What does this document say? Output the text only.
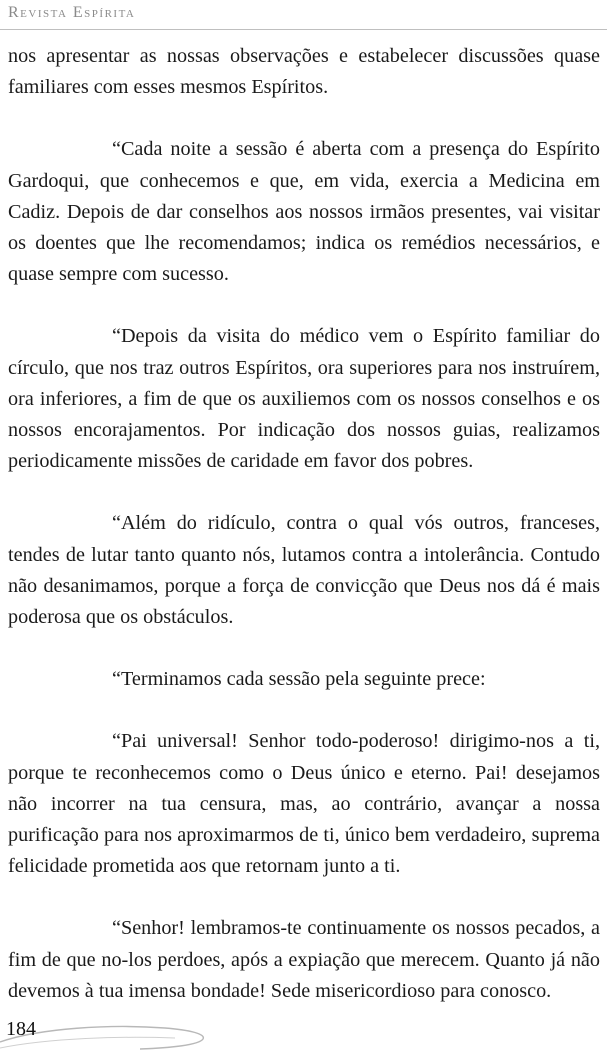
Revista Espírita

nos apresentar as nossas observações e estabelecer discussões quase familiares com esses mesmos Espíritos.

“Cada noite a sessão é aberta com a presença do Espírito Gardoqui, que conhecemos e que, em vida, exercia a Medicina em Cadiz. Depois de dar conselhos aos nossos irmãos presentes, vai visitar os doentes que lhe recomendamos; indica os remédios necessários, e quase sempre com sucesso.

“Depois da visita do médico vem o Espírito familiar do círculo, que nos traz outros Espíritos, ora superiores para nos instruírem, ora inferiores, a fim de que os auxiliemos com os nossos conselhos e os nossos encorajamentos. Por indicação dos nossos guias, realizamos periodicamente missões de caridade em favor dos pobres.

“Além do ridículo, contra o qual vós outros, franceses, tendes de lutar tanto quanto nós, lutamos contra a intolerância. Contudo não desanimamos, porque a força de convicção que Deus nos dá é mais poderosa que os obstáculos.

“Terminamos cada sessão pela seguinte prece:

“Pai universal! Senhor todo-poderoso! dirigimo-nos a ti, porque te reconhecemos como o Deus único e eterno. Pai! desejamos não incorrer na tua censura, mas, ao contrário, avançar a nossa purificação para nos aproximarmos de ti, único bem verdadeiro, suprema felicidade prometida aos que retornam junto a ti.

“Senhor! lembramos-te continuamente os nossos pecados, a fim de que no-los perdoes, após a expiação que merecem. Quanto já não devemos à tua imensa bondade! Sede misericordioso para conosco.

184
